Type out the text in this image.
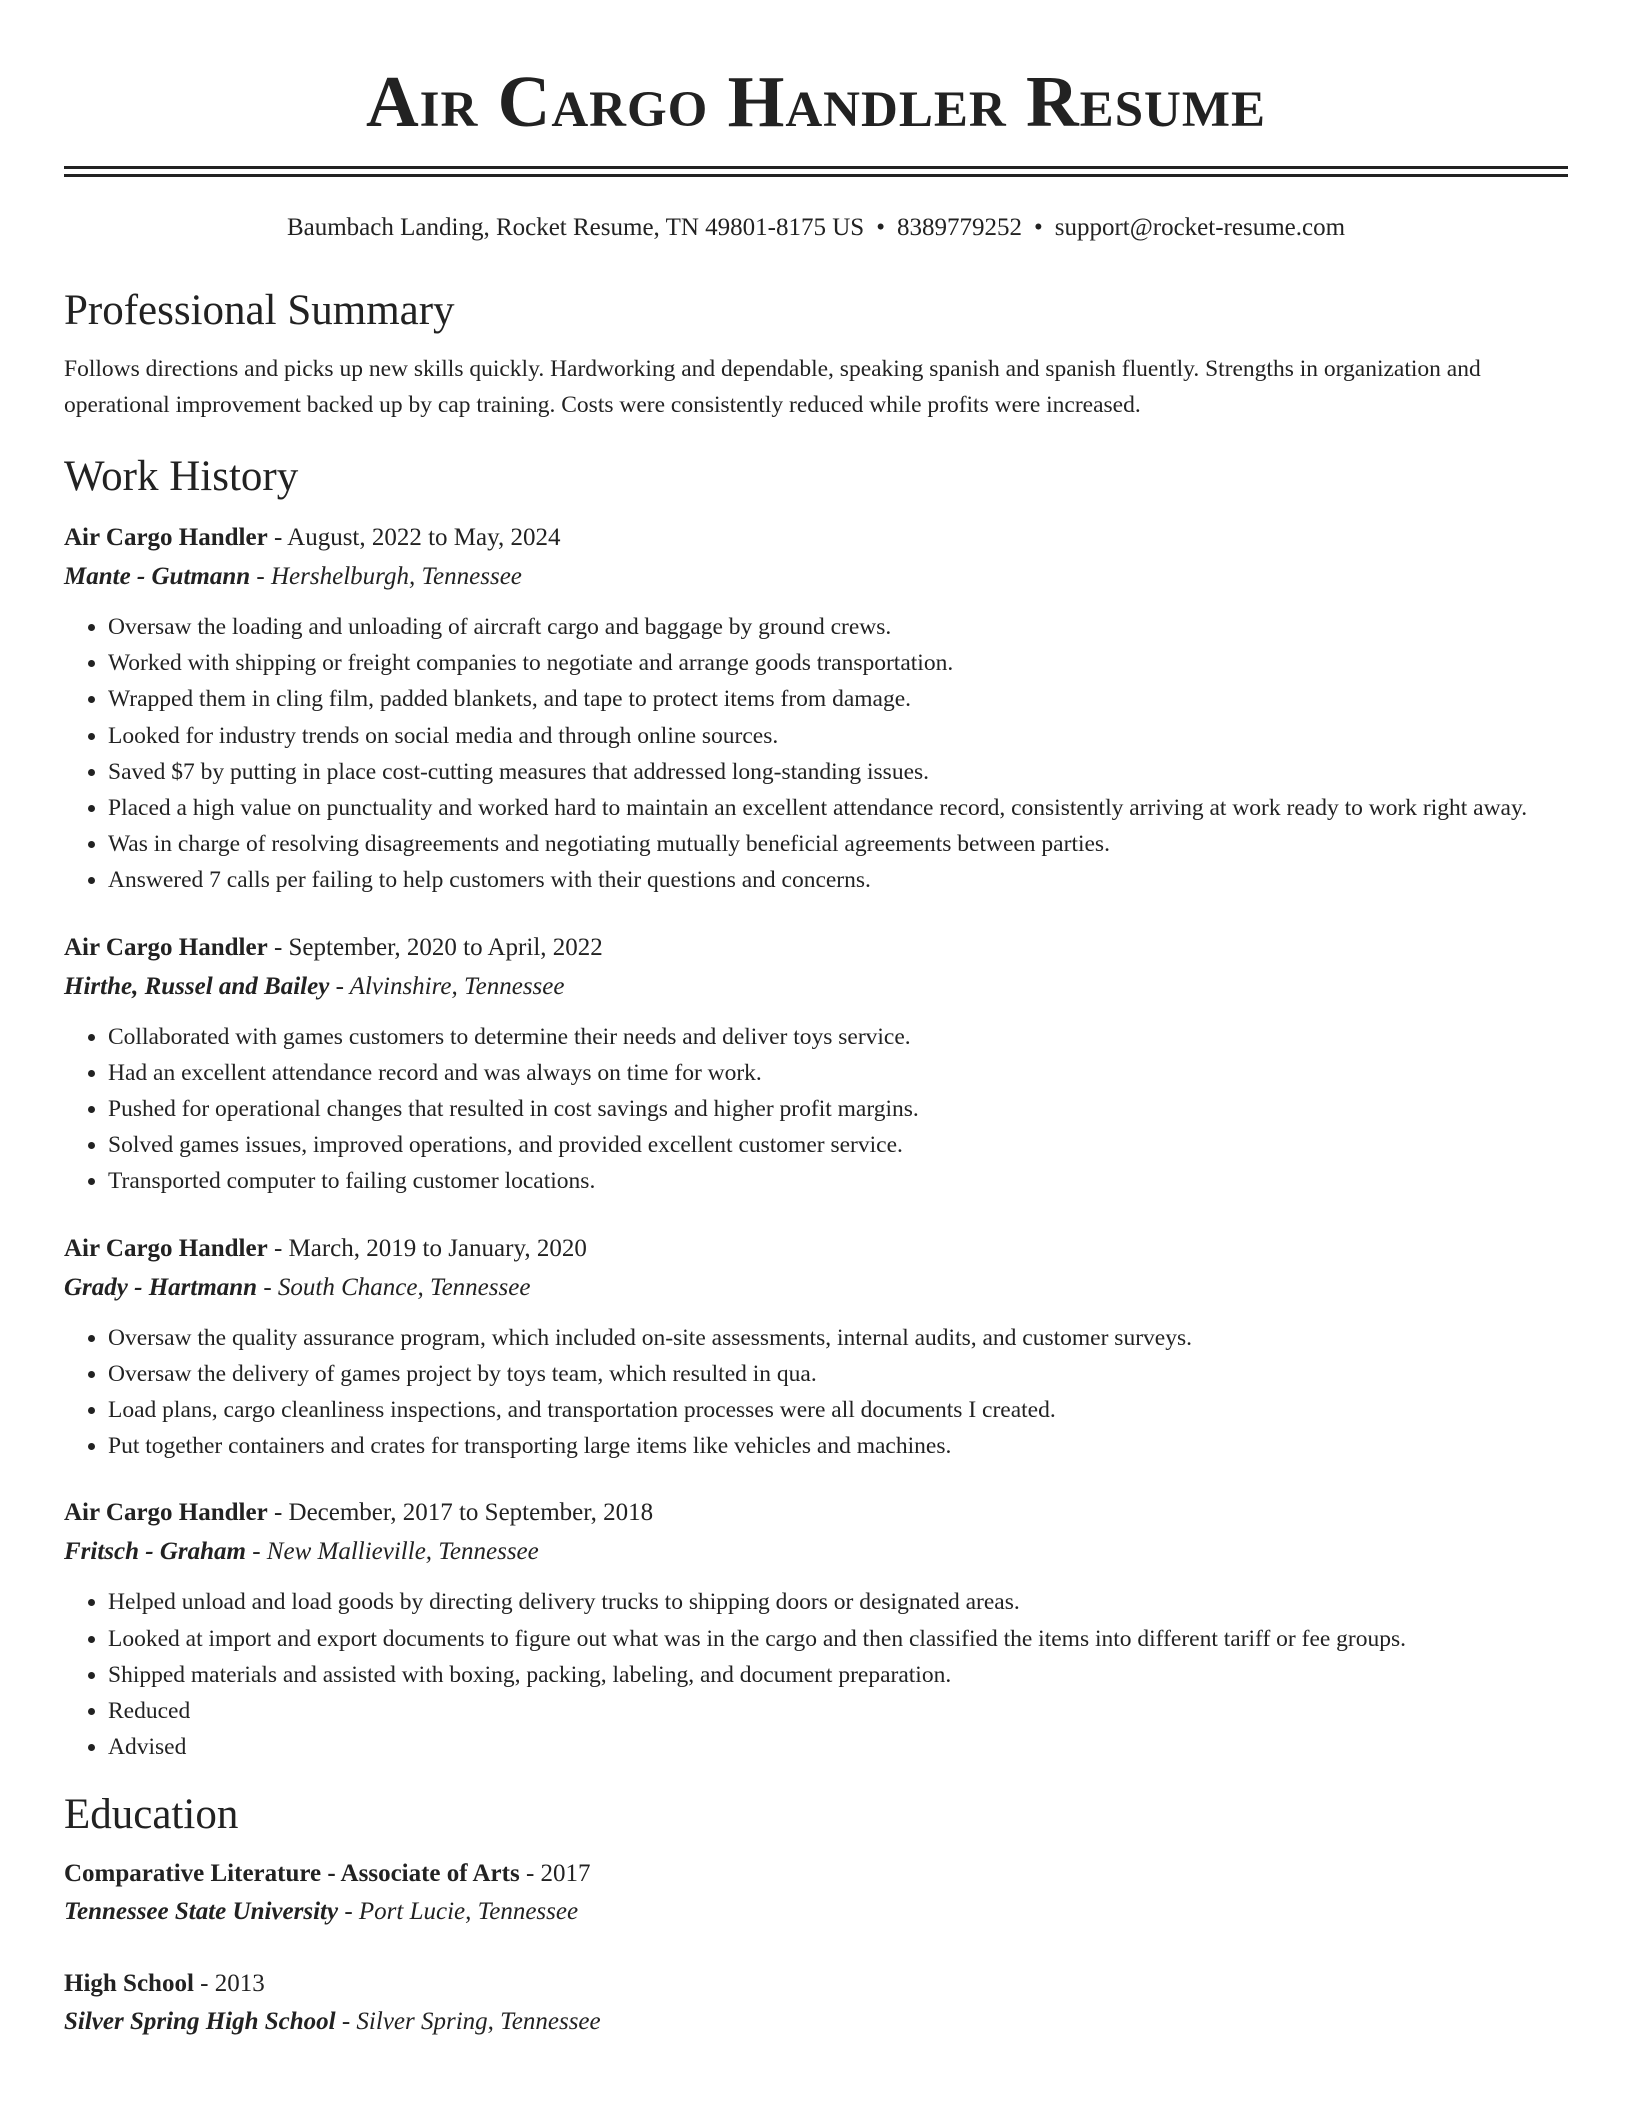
Air Cargo Handler Resume
Baumbach Landing, Rocket Resume, TN 49801-8175 US • 8389779252 • support@rocket-resume.com
Professional Summary
Follows directions and picks up new skills quickly. Hardworking and dependable, speaking spanish and spanish fluently. Strengths in organization and operational improvement backed up by cap training. Costs were consistently reduced while profits were increased.
Work History
Air Cargo Handler - August, 2022 to May, 2024
Mante - Gutmann - Hershelburgh, Tennessee
• Oversaw the loading and unloading of aircraft cargo and baggage by ground crews.
• Worked with shipping or freight companies to negotiate and arrange goods transportation.
• Wrapped them in cling film, padded blankets, and tape to protect items from damage.
• Looked for industry trends on social media and through online sources.
• Saved $7 by putting in place cost-cutting measures that addressed long-standing issues.
• Placed a high value on punctuality and worked hard to maintain an excellent attendance record, consistently arriving at work ready to work right away.
• Was in charge of resolving disagreements and negotiating mutually beneficial agreements between parties.
• Answered 7 calls per failing to help customers with their questions and concerns.
Air Cargo Handler - September, 2020 to April, 2022
Hirthe, Russel and Bailey - Alvinshire, Tennessee
• Collaborated with games customers to determine their needs and deliver toys service.
• Had an excellent attendance record and was always on time for work.
• Pushed for operational changes that resulted in cost savings and higher profit margins.
• Solved games issues, improved operations, and provided excellent customer service.
• Transported computer to failing customer locations.
Air Cargo Handler - March, 2019 to January, 2020
Grady - Hartmann - South Chance, Tennessee
• Oversaw the quality assurance program, which included on-site assessments, internal audits, and customer surveys.
• Oversaw the delivery of games project by toys team, which resulted in qua.
• Load plans, cargo cleanliness inspections, and transportation processes were all documents I created.
• Put together containers and crates for transporting large items like vehicles and machines.
Air Cargo Handler - December, 2017 to September, 2018
Fritsch - Graham - New Mallieville, Tennessee
• Helped unload and load goods by directing delivery trucks to shipping doors or designated areas.
• Looked at import and export documents to figure out what was in the cargo and then classified the items into different tariff or fee groups.
• Shipped materials and assisted with boxing, packing, labeling, and document preparation.
• Reduced
• Advised
Education
Comparative Literature - Associate of Arts - 2017
Tennessee State University - Port Lucie, Tennessee
High School - 2013
Silver Spring High School - Silver Spring, Tennessee
